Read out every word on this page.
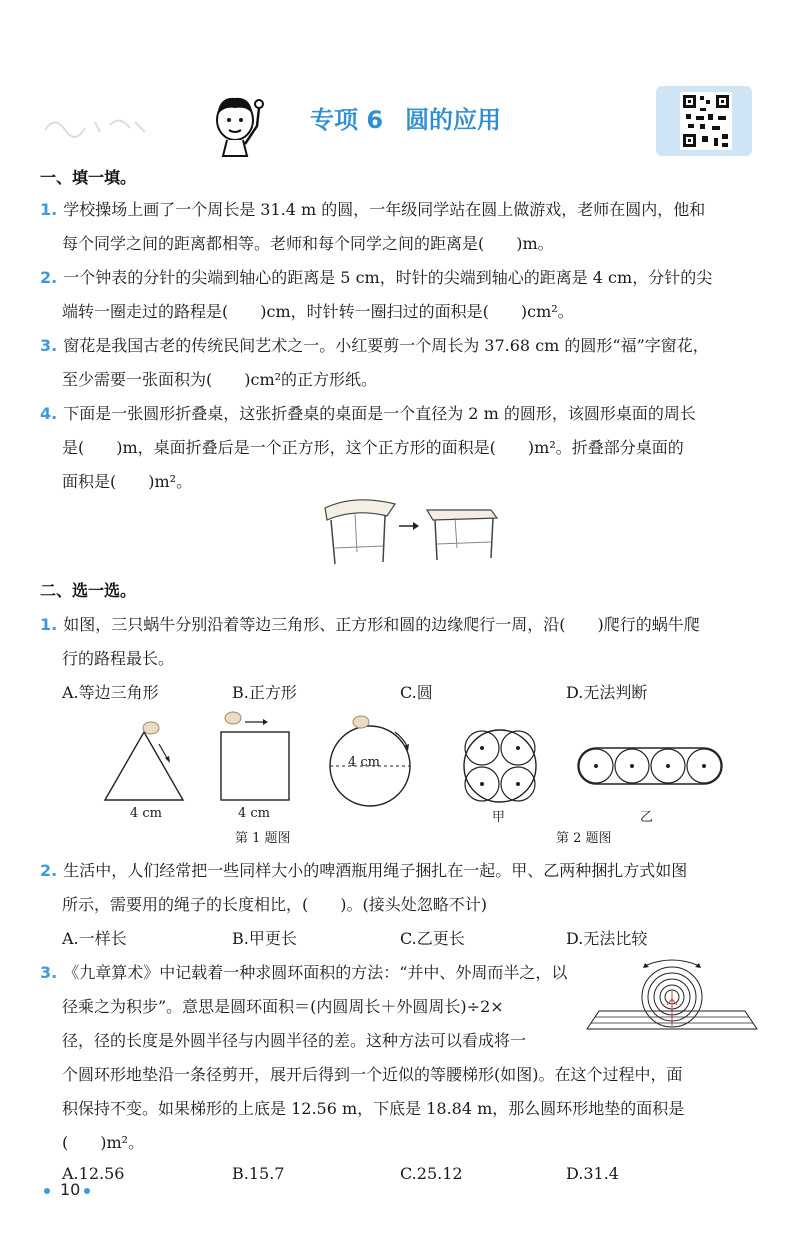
专项 6 圆的应用
一、填一填。
1. 学校操场上画了一个周长是 31.4 m 的圆，一年级同学站在圆上做游戏，老师在圆内，他和
每个同学之间的距离都相等。老师和每个同学之间的距离是(　　)m。
2. 一个钟表的分针的尖端到轴心的距离是 5 cm，时针的尖端到轴心的距离是 4 cm，分针的尖
端转一圈走过的路程是(　　)cm，时针转一圈扫过的面积是(　　)cm²。
3. 窗花是我国古老的传统民间艺术之一。小红要剪一个周长为 37.68 cm 的圆形“福”字窗花，
至少需要一张面积为(　　)cm²的正方形纸。
4. 下面是一张圆形折叠桌，这张折叠桌的桌面是一个直径为 2 m 的圆形，该圆形桌面的周长
是(　　)m，桌面折叠后是一个正方形，这个正方形的面积是(　　)m²。折叠部分桌面的
面积是(　　)m²。
二、选一选。
1. 如图，三只蜗牛分别沿着等边三角形、正方形和圆的边缘爬行一周，沿(　　)爬行的蜗牛爬
行的路程最长。
A.等边三角形	B.正方形	C.圆	D.无法判断
4 cm
4 cm	4 cm
第 1 题图
甲	乙
第 2 题图
2. 生活中，人们经常把一些同样大小的啤酒瓶用绳子捆扎在一起。甲、乙两种捆扎方式如图
所示，需要用的绳子的长度相比，(　　)。(接头处忽略不计)
A.一样长	B.甲更长	C.乙更长	D.无法比较
3. 《九章算术》中记载着一种求圆环面积的方法：“并中、外周而半之，以
径乘之为积步”。意思是圆环面积＝(内圆周长＋外圆周长)÷2×
径，径的长度是外圆半径与内圆半径的差。这种方法可以看成将一
个圆环形地垫沿一条径剪开，展开后得到一个近似的等腰梯形(如图)。在这个过程中，面
积保持不变。如果梯形的上底是 12.56 m，下底是 18.84 m，那么圆环形地垫的面积是
(　　)m²。
A.12.56	B.15.7	C.25.12	D.31.4
10
